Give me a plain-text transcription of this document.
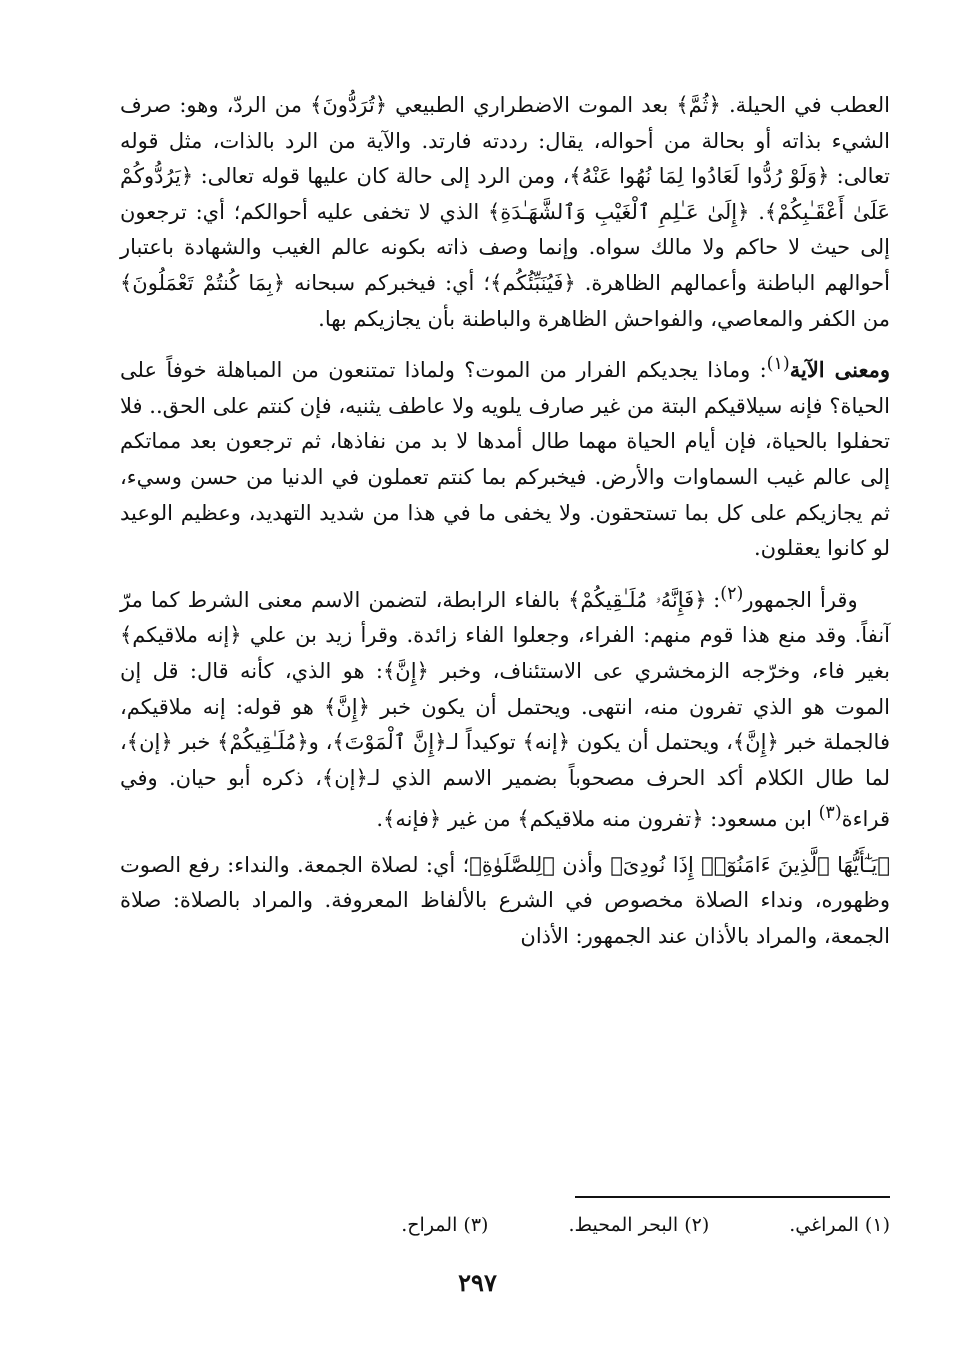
العطب في الحيلة. ﴿ثُمَّ﴾ بعد الموت الاضطراري الطبيعي ﴿تُرَدُّونَ﴾ من الردّ، وهو: صرف الشيء بذاته أو بحالة من أحواله، يقال: رددته فارتد. والآية من الرد بالذات، مثل قوله تعالى: ﴿وَلَوْ رُدُّوا لَعَادُوا لِمَا نُهُوا عَنْهُ﴾، ومن الرد إلى حالة كان عليها قوله تعالى: ﴿يَرُدُّوكُمْ عَلَىٰ أَعْقَـٰبِكُمْ﴾. ﴿إِلَىٰ عَـٰلِمِ ٱلْغَيْبِ وَٱلشَّهَـٰدَةِ﴾ الذي لا تخفى عليه أحوالكم؛ أي: ترجعون إلى حيث لا حاكم ولا مالك سواه. وإنما وصف ذاته بكونه عالم الغيب والشهادة باعتبار أحوالهم الباطنة وأعمالهم الظاهرة. ﴿فَيُنَبِّئُكُم﴾؛ أي: فيخبركم سبحانه ﴿بِمَا كُنتُمْ تَعْمَلُونَ﴾ من الكفر والمعاصي، والفواحش الظاهرة والباطنة بأن يجازيكم بها.

ومعنى الآية$^{(١)}$: وماذا يجديكم الفرار من الموت؟ ولماذا تمتنعون من المباهلة خوفاً على الحياة؟ فإنه سيلاقيكم البتة من غير صارف يلويه ولا عاطف يثنيه، فإن كنتم على الحق.. فلا تحفلوا بالحياة، فإن أيام الحياة مهما طال أمدها لا بد من نفاذها، ثم ترجعون بعد مماتكم إلى عالم غيب السماوات والأرض. فيخبركم بما كنتم تعملون في الدنيا من حسن وسيء، ثم يجازيكم على كل بما تستحقون. ولا يخفى ما في هذا من شديد التهديد، وعظيم الوعيد لو كانوا يعقلون.

وقرأ الجمهور$^{(٢)}$: ﴿فَإِنَّهُۥ مُلَـٰقِيكُمْ﴾ بالفاء الرابطة، لتضمن الاسم معنى الشرط كما مرّ آنفاً. وقد منع هذا قوم منهم: الفراء، وجعلوا الفاء زائدة. وقرأ زيد بن علي ﴿إنه ملاقيكم﴾ بغير فاء، وخرّجه الزمخشري عى الاستئناف، وخبر ﴿إِنَّ﴾: هو الذي، كأنه قال: قل إن الموت هو الذي تفرون منه، انتهى. ويحتمل أن يكون خبر ﴿إِنَّ﴾ هو قوله: إنه ملاقيكم، فالجملة خبر ﴿إِنَّ﴾، ويحتمل أن يكون ﴿إنه﴾ توكيداً لـ﴿إِنَّ ٱلْمَوْتَ﴾، و﴿مُلَـٰقِيكُمْ﴾ خبر ﴿إن﴾، لما طال الكلام أكد الحرف مصحوباً بضمير الاسم الذي لـ﴿إن﴾، ذكره أبو حيان. وفي قراءة$^{(٣)}$ ابن مسعود: ﴿تفرون منه ملاقيكم﴾ من غير ﴿فإنه﴾.

﴿يَـٰٓأَيُّهَا ٱلَّذِينَ ءَامَنُوٓا۟ إِذَا نُودِىَ﴾ وأذن ﴿لِلصَّلَوٰةِ﴾؛ أي: لصلاة الجمعة. والنداء: رفع الصوت وظهوره، ونداء الصلاة مخصوص في الشرع بالألفاظ المعروفة. والمراد بالصلاة: صلاة الجمعة، والمراد بالأذان عند الجمهور: الأذان

(١) المراغي.
(٢) البحر المحيط.
(٣) المراح.
٢٩٧
